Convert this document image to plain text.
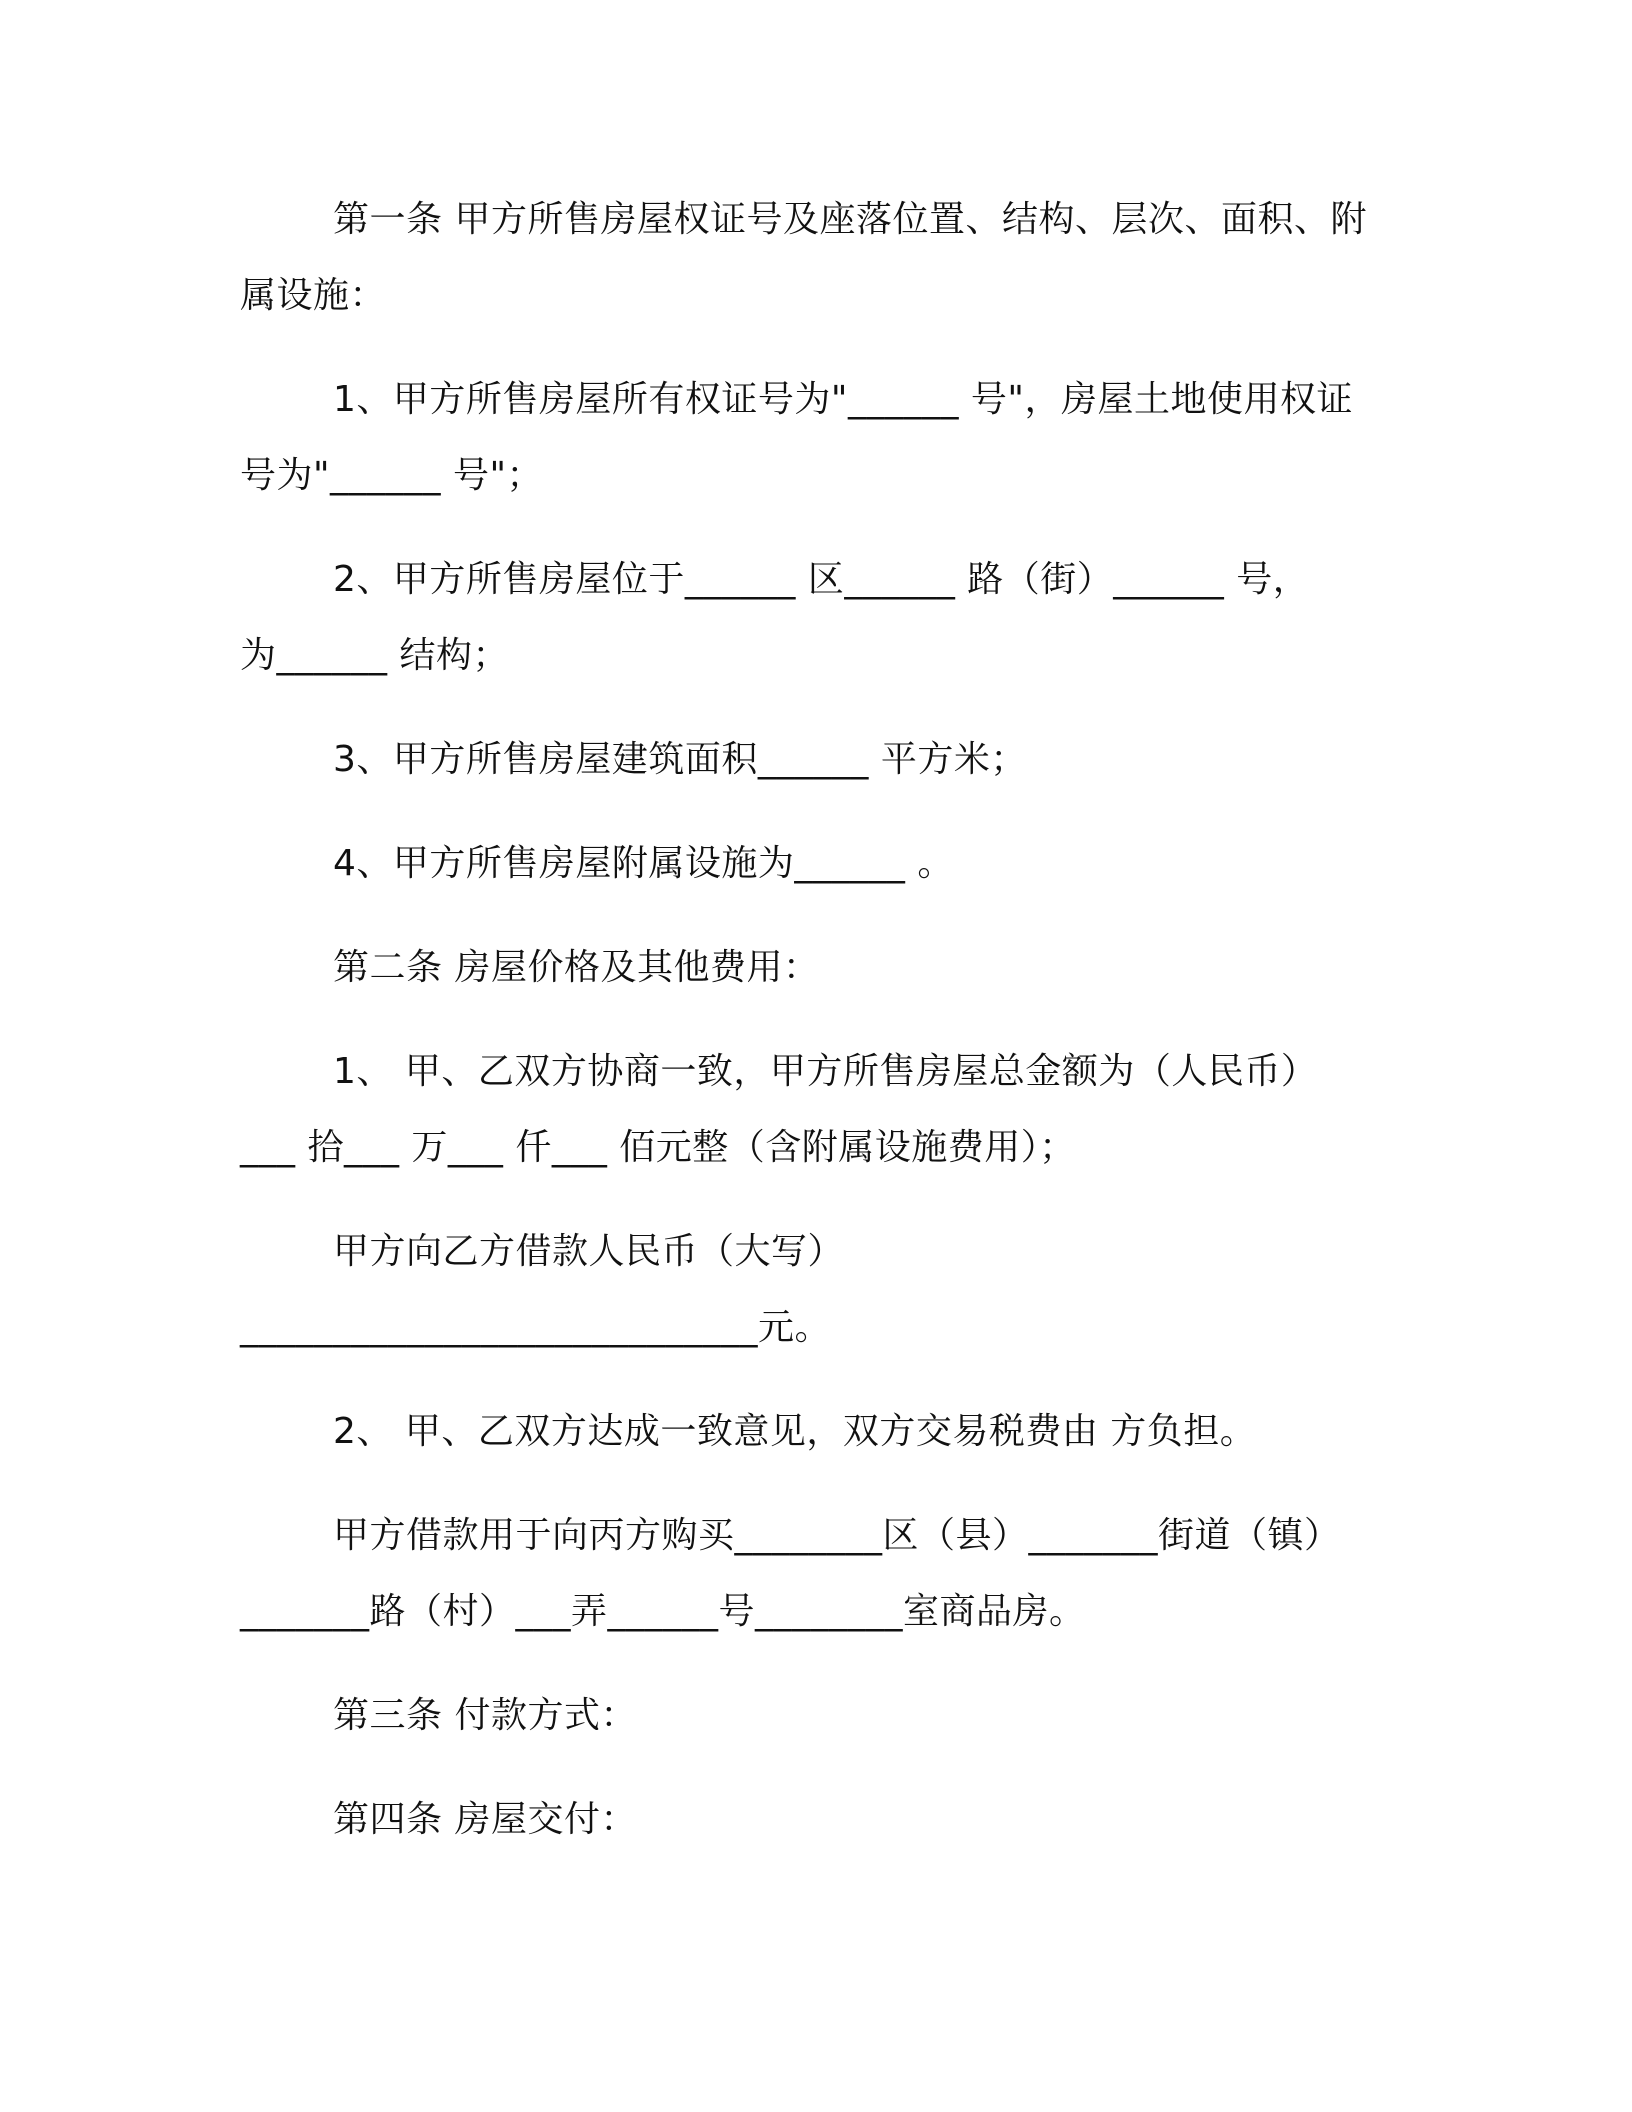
第一条 甲方所售房屋权证号及座落位置、结构、层次、面积、附
属设施：
1、甲方所售房屋所有权证号为"______ 号"，房屋土地使用权证
号为"______ 号"；
2、甲方所售房屋位于______ 区______ 路（街）______ 号，
为______ 结构；
3、甲方所售房屋建筑面积______ 平方米；
4、甲方所售房屋附属设施为______ 。
第二条 房屋价格及其他费用：
1、 甲、乙双方协商一致，甲方所售房屋总金额为（人民币）
___ 拾___ 万___ 仟___ 佰元整（含附属设施费用）；
甲方向乙方借款人民币（大写）
____________________________元。
2、 甲、乙双方达成一致意见，双方交易税费由 方负担。
甲方借款用于向丙方购买________区（县）_______街道（镇）
_______路（村）___弄______号________室商品房。
第三条 付款方式：
第四条 房屋交付：
